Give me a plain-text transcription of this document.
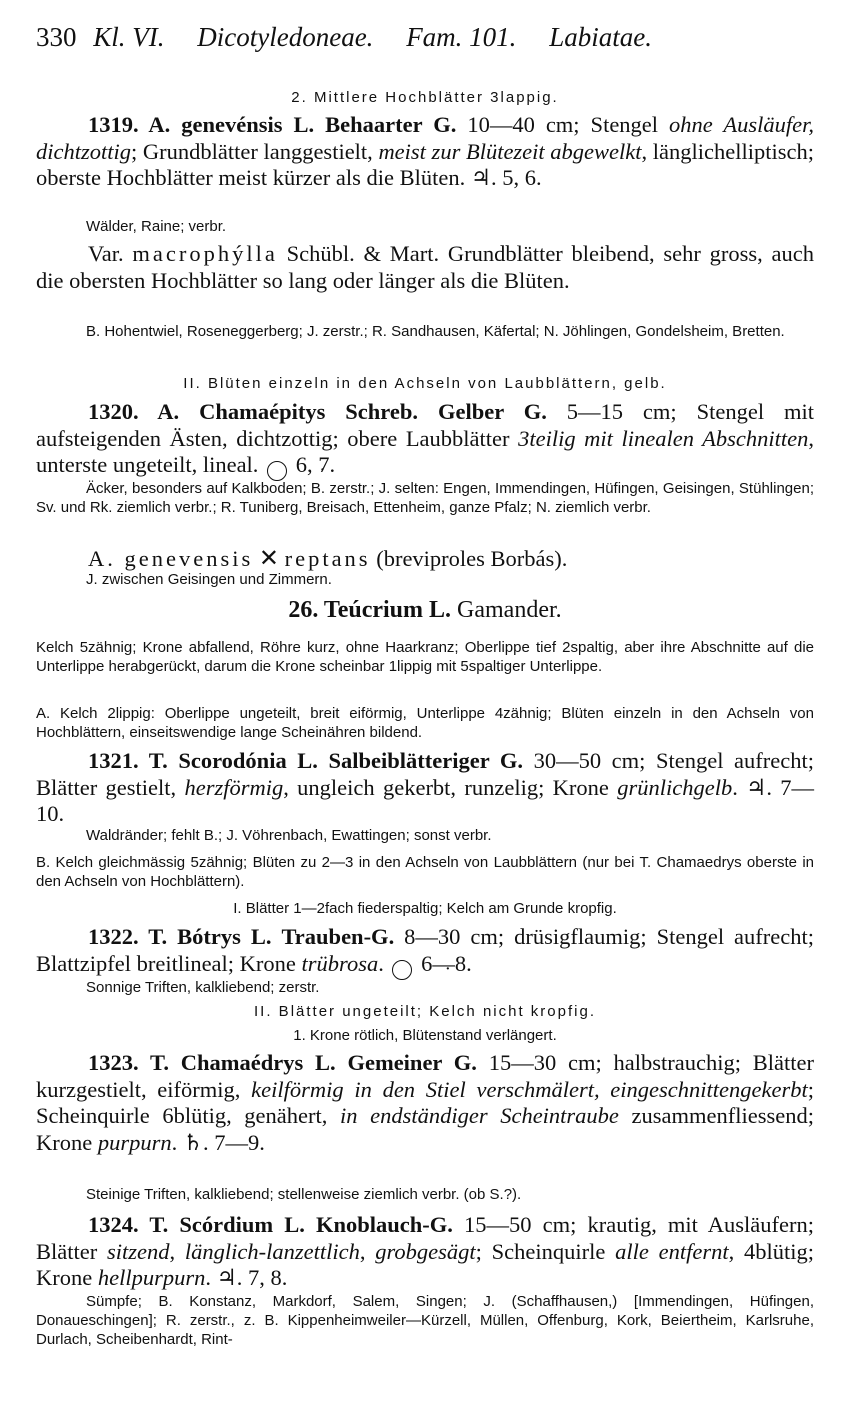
330 Kl. VI. Dicotyledoneae. Fam. 101. Labiatae.
2. Mittlere Hochblätter 3lappig.
1319. A. genevénsis L. Behaarter G. 10—40 cm; Stengel ohne Ausläufer, dichtzottig; Grundblätter langgestielt, meist zur Blütezeit abgewelkt, länglichelliptisch; oberste Hochblätter meist kürzer als die Blüten. ♃. 5, 6.
Wälder, Raine; verbr.
Var. macrophýlla Schübl. & Mart. Grundblätter bleibend, sehr gross, auch die obersten Hochblätter so lang oder länger als die Blüten.
B. Hohentwiel, Roseneggerberg; J. zerstr.; R. Sandhausen, Käfertal; N. Jöhlingen, Gondelsheim, Bretten.
II. Blüten einzeln in den Achseln von Laubblättern, gelb.
1320. A. Chamaépitys Schreb. Gelber G. 5—15 cm; Stengel mit aufsteigenden Ästen, dichtzottig; obere Laubblätter 3teilig mit linealen Abschnitten, unterste ungeteilt, lineal. · 6, 7.
Äcker, besonders auf Kalkboden; B. zerstr.; J. selten: Engen, Immendingen, Hüfingen, Geisingen, Stühlingen; Sv. und Rk. ziemlich verbr.; R. Tuniberg, Breisach, Ettenheim, ganze Pfalz; N. ziemlich verbr.
A. genevensis ✕ reptans (breviproles Borbás).
J. zwischen Geisingen und Zimmern.
26. Teúcrium L. Gamander.
Kelch 5zähnig; Krone abfallend, Röhre kurz, ohne Haarkranz; Oberlippe tief 2spaltig, aber ihre Abschnitte auf die Unterlippe herabgerückt, darum die Krone scheinbar 1lippig mit 5spaltiger Unterlippe.
A. Kelch 2lippig: Oberlippe ungeteilt, breit eiförmig, Unterlippe 4zähnig; Blüten einzeln in den Achseln von Hochblättern, einseitswendige lange Scheinähren bildend.
1321. T. Scorodónia L. Salbeiblätteriger G. 30—50 cm; Stengel aufrecht; Blätter gestielt, herzförmig, ungleich gekerbt, runzelig; Krone grünlichgelb. ♃. 7—10.
Waldränder; fehlt B.; J. Vöhrenbach, Ewattingen; sonst verbr.
B. Kelch gleichmässig 5zähnig; Blüten zu 2—3 in den Achseln von Laubblättern (nur bei T. Chamaedrys oberste in den Achseln von Hochblättern).
I. Blätter 1—2fach fiederspaltig; Kelch am Grunde kropfig.
1322. T. Bótrys L. Trauben-G. 8—30 cm; drüsigflaumig; Stengel aufrecht; Blattzipfel breitlineal; Krone trübrosa. · 6—8.
Sonnige Triften, kalkliebend; zerstr.
II. Blätter ungeteilt; Kelch nicht kropfig.
1. Krone rötlich, Blütenstand verlängert.
1323. T. Chamaédrys L. Gemeiner G. 15—30 cm; halbstrauchig; Blätter kurzgestielt, eiförmig, keilförmig in den Stiel verschmälert, eingeschnittengekerbt; Scheinquirle 6blütig, genähert, in endständiger Scheintraube zusammenfliessend; Krone purpurn. ♄. 7—9.
Steinige Triften, kalkliebend; stellenweise ziemlich verbr. (ob S.?).
1324. T. Scórdium L. Knoblauch-G. 15—50 cm; krautig, mit Ausläufern; Blätter sitzend, länglich-lanzettlich, grobgesägt; Scheinquirle alle entfernt, 4blütig; Krone hellpurpurn. ♃. 7, 8.
Sümpfe; B. Konstanz, Markdorf, Salem, Singen; J. (Schaffhausen,) [Immendingen, Hüfingen, Donaueschingen]; R. zerstr., z. B. Kippenheimweiler—Kürzell, Müllen, Offenburg, Kork, Beiertheim, Karlsruhe, Durlach, Scheibenhardt, Rint-
